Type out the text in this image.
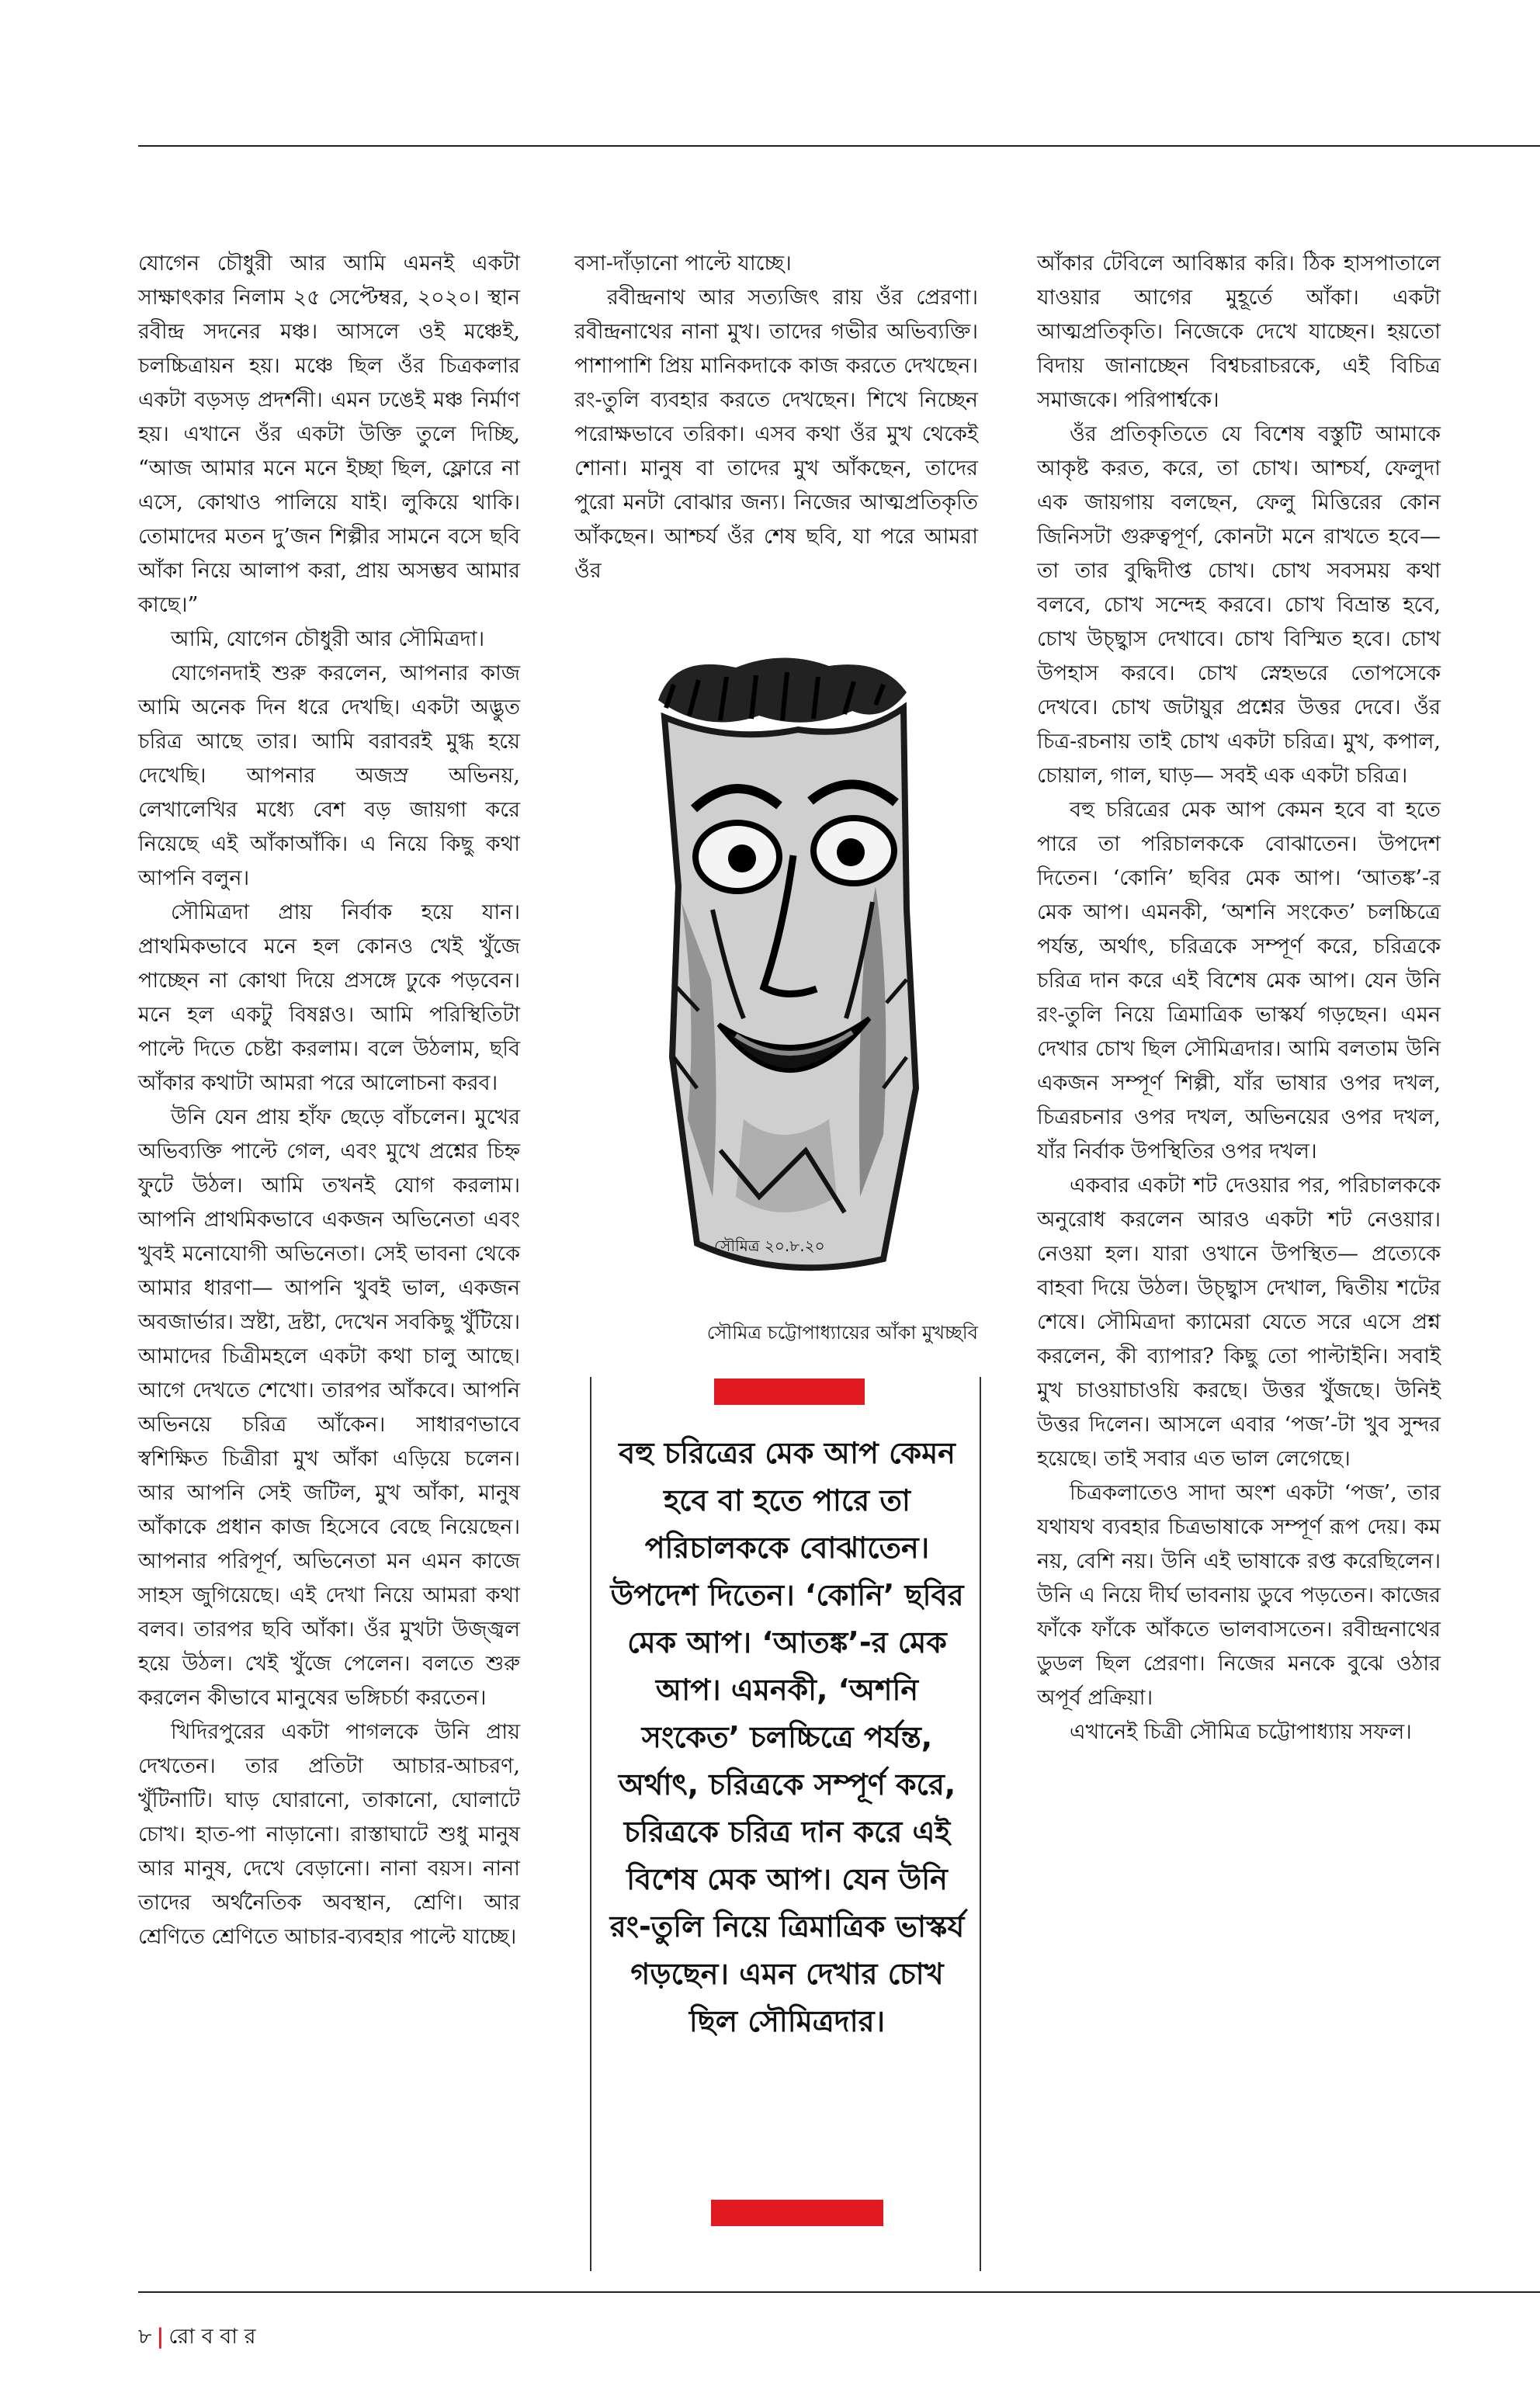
যোগেন চৌধুরী আর আমি এমনই একটা সাক্ষাৎকার নিলাম ২৫ সেপ্টেম্বর, ২০২০। স্থান রবীন্দ্র সদনের মঞ্চ। আসলে ওই মঞ্চেই, চলচ্চিত্রায়ন হয়। মঞ্চে ছিল ওঁর চিত্রকলার একটা বড়সড় প্রদর্শনী। এমন ঢঙেই মঞ্চ নির্মাণ হয়। এখানে ওঁর একটা উক্তি তুলে দিচ্ছি, “আজ আমার মনে মনে ইচ্ছা ছিল, ফ্লোরে না এসে, কোথাও পালিয়ে যাই। লুকিয়ে থাকি। তোমাদের মতন দু’জন শিল্পীর সামনে বসে ছবি আঁকা নিয়ে আলাপ করা, প্রায় অসম্ভব আমার কাছে।”

আমি, যোগেন চৌধুরী আর সৌমিত্রদা।

যোগেনদাই শুরু করলেন, আপনার কাজ আমি অনেক দিন ধরে দেখছি। একটা অদ্ভুত চরিত্র আছে তার। আমি বরাবরই মুগ্ধ হয়ে দেখেছি। আপনার অজস্র অভিনয়, লেখালেখির মধ্যে বেশ বড় জায়গা করে নিয়েছে এই আঁকাআঁকি। এ নিয়ে কিছু কথা আপনি বলুন।

সৌমিত্রদা প্রায় নির্বাক হয়ে যান। প্রাথমিকভাবে মনে হল কোনও খেই খুঁজে পাচ্ছেন না কোথা দিয়ে প্রসঙ্গে ঢুকে পড়বেন। মনে হল একটু বিষণ্ণও। আমি পরিস্থিতিটা পাল্টে দিতে চেষ্টা করলাম। বলে উঠলাম, ছবি আঁকার কথাটা আমরা পরে আলোচনা করব।

উনি যেন প্রায় হাঁফ ছেড়ে বাঁচলেন। মুখের অভিব্যক্তি পাল্টে গেল, এবং মুখে প্রশ্নের চিহ্ন ফুটে উঠল। আমি তখনই যোগ করলাম। আপনি প্রাথমিকভাবে একজন অভিনেতা এবং খুবই মনোযোগী অভিনেতা। সেই ভাবনা থেকে আমার ধারণা— আপনি খুবই ভাল, একজন অবজার্ভার। স্রষ্টা, দ্রষ্টা, দেখেন সবকিছু খুঁটিয়ে। আমাদের চিত্রীমহলে একটা কথা চালু আছে। আগে দেখতে শেখো। তারপর আঁকবে। আপনি অভিনয়ে চরিত্র আঁকেন। সাধারণভাবে স্বশিক্ষিত চিত্রীরা মুখ আঁকা এড়িয়ে চলেন। আর আপনি সেই জটিল, মুখ আঁকা, মানুষ আঁকাকে প্রধান কাজ হিসেবে বেছে নিয়েছেন। আপনার পরিপূর্ণ, অভিনেতা মন এমন কাজে সাহস জুগিয়েছে। এই দেখা নিয়ে আমরা কথা বলব। তারপর ছবি আঁকা। ওঁর মুখটা উজ্জ্বল হয়ে উঠল। খেই খুঁজে পেলেন। বলতে শুরু করলেন কীভাবে মানুষের ভঙ্গিচর্চা করতেন।

খিদিরপুরের একটা পাগলকে উনি প্রায় দেখতেন। তার প্রতিটা আচার-আচরণ, খুঁটিনাটি। ঘাড় ঘোরানো, তাকানো, ঘোলাটে চোখ। হাত-পা নাড়ানো। রাস্তাঘাটে শুধু মানুষ আর মানুষ, দেখে বেড়ানো। নানা বয়স। নানা তাদের অর্থনৈতিক অবস্থান, শ্রেণি। আর শ্রেণিতে শ্রেণিতে আচার-ব্যবহার পাল্টে যাচ্ছে।

বসা-দাঁড়ানো পাল্টে যাচ্ছে।

রবীন্দ্রনাথ আর সত্যজিৎ রায় ওঁর প্রেরণা। রবীন্দ্রনাথের নানা মুখ। তাদের গভীর অভিব্যক্তি। পাশাপাশি প্রিয় মানিকদাকে কাজ করতে দেখছেন। রং-তুলি ব্যবহার করতে দেখছেন। শিখে নিচ্ছেন পরোক্ষভাবে তরিকা। এসব কথা ওঁর মুখ থেকেই শোনা। মানুষ বা তাদের মুখ আঁকছেন, তাদের পুরো মনটা বোঝার জন্য। নিজের আত্মপ্রতিকৃতি আঁকছেন। আশ্চর্য ওঁর শেষ ছবি, যা পরে আমরা ওঁর

সৌমিত্র ২০.৮.২০
সৌমিত্র চট্টোপাধ্যায়ের আঁকা মুখচ্ছবি
বহু চরিত্রের মেক আপ কেমন হবে বা হতে পারে তা পরিচালককে বোঝাতেন। উপদেশ দিতেন। ‘কোনি’ ছবির মেক আপ। ‘আতঙ্ক’-র মেক আপ। এমনকী, ‘অশনি সংকেত’ চলচ্চিত্রে পর্যন্ত, অর্থাৎ, চরিত্রকে সম্পূর্ণ করে, চরিত্রকে চরিত্র দান করে এই বিশেষ মেক আপ। যেন উনি রং-তুলি নিয়ে ত্রিমাত্রিক ভাস্কর্য গড়ছেন। এমন দেখার চোখ ছিল সৌমিত্রদার।

আঁকার টেবিলে আবিষ্কার করি। ঠিক হাসপাতালে যাওয়ার আগের মুহূর্তে আঁকা। একটা আত্মপ্রতিকৃতি। নিজেকে দেখে যাচ্ছেন। হয়তো বিদায় জানাচ্ছেন বিশ্বচরাচরকে, এই বিচিত্র সমাজকে। পরিপার্শ্বকে।

ওঁর প্রতিকৃতিতে যে বিশেষ বস্তুটি আমাকে আকৃষ্ট করত, করে, তা চোখ। আশ্চর্য, ফেলুদা এক জায়গায় বলছেন, ফেলু মিত্তিরের কোন জিনিসটা গুরুত্বপূর্ণ, কোনটা মনে রাখতে হবে— তা তার বুদ্ধিদীপ্ত চোখ। চোখ সবসময় কথা বলবে, চোখ সন্দেহ করবে। চোখ বিভ্রান্ত হবে, চোখ উচ্ছ্বাস দেখাবে। চোখ বিস্মিত হবে। চোখ উপহাস করবে। চোখ স্নেহভরে তোপসেকে দেখবে। চোখ জটায়ুর প্রশ্নের উত্তর দেবে। ওঁর চিত্র-রচনায় তাই চোখ একটা চরিত্র। মুখ, কপাল, চোয়াল, গাল, ঘাড়— সবই এক একটা চরিত্র।

বহু চরিত্রের মেক আপ কেমন হবে বা হতে পারে তা পরিচালককে বোঝাতেন। উপদেশ দিতেন। ‘কোনি’ ছবির মেক আপ। ‘আতঙ্ক’-র মেক আপ। এমনকী, ‘অশনি সংকেত’ চলচ্চিত্রে পর্যন্ত, অর্থাৎ, চরিত্রকে সম্পূর্ণ করে, চরিত্রকে চরিত্র দান করে এই বিশেষ মেক আপ। যেন উনি রং-তুলি নিয়ে ত্রিমাত্রিক ভাস্কর্য গড়ছেন। এমন দেখার চোখ ছিল সৌমিত্রদার। আমি বলতাম উনি একজন সম্পূর্ণ শিল্পী, যাঁর ভাষার ওপর দখল, চিত্ররচনার ওপর দখল, অভিনয়ের ওপর দখল, যাঁর নির্বাক উপস্থিতির ওপর দখল।

একবার একটা শট দেওয়ার পর, পরিচালককে অনুরোধ করলেন আরও একটা শট নেওয়ার। নেওয়া হল। যারা ওখানে উপস্থিত— প্রত্যেকে বাহবা দিয়ে উঠল। উচ্ছ্বাস দেখাল, দ্বিতীয় শটের শেষে। সৌমিত্রদা ক্যামেরা যেতে সরে এসে প্রশ্ন করলেন, কী ব্যাপার? কিছু তো পাল্টাইনি। সবাই মুখ চাওয়াচাওয়ি করছে। উত্তর খুঁজছে। উনিই উত্তর দিলেন। আসলে এবার ‘পজ’-টা খুব সুন্দর হয়েছে। তাই সবার এত ভাল লেগেছে।

চিত্রকলাতেও সাদা অংশ একটা ‘পজ’, তার যথাযথ ব্যবহার চিত্রভাষাকে সম্পূর্ণ রূপ দেয়। কম নয়, বেশি নয়। উনি এই ভাষাকে রপ্ত করেছিলেন। উনি এ নিয়ে দীর্ঘ ভাবনায় ডুবে পড়তেন। কাজের ফাঁকে ফাঁকে আঁকতে ভালবাসতেন। রবীন্দ্রনাথের ডুডল ছিল প্রেরণা। নিজের মনকে বুঝে ওঠার অপূর্ব প্রক্রিয়া।

এখানেই চিত্রী সৌমিত্র চট্টোপাধ্যায় সফল।

৮ | রো ব বা র
